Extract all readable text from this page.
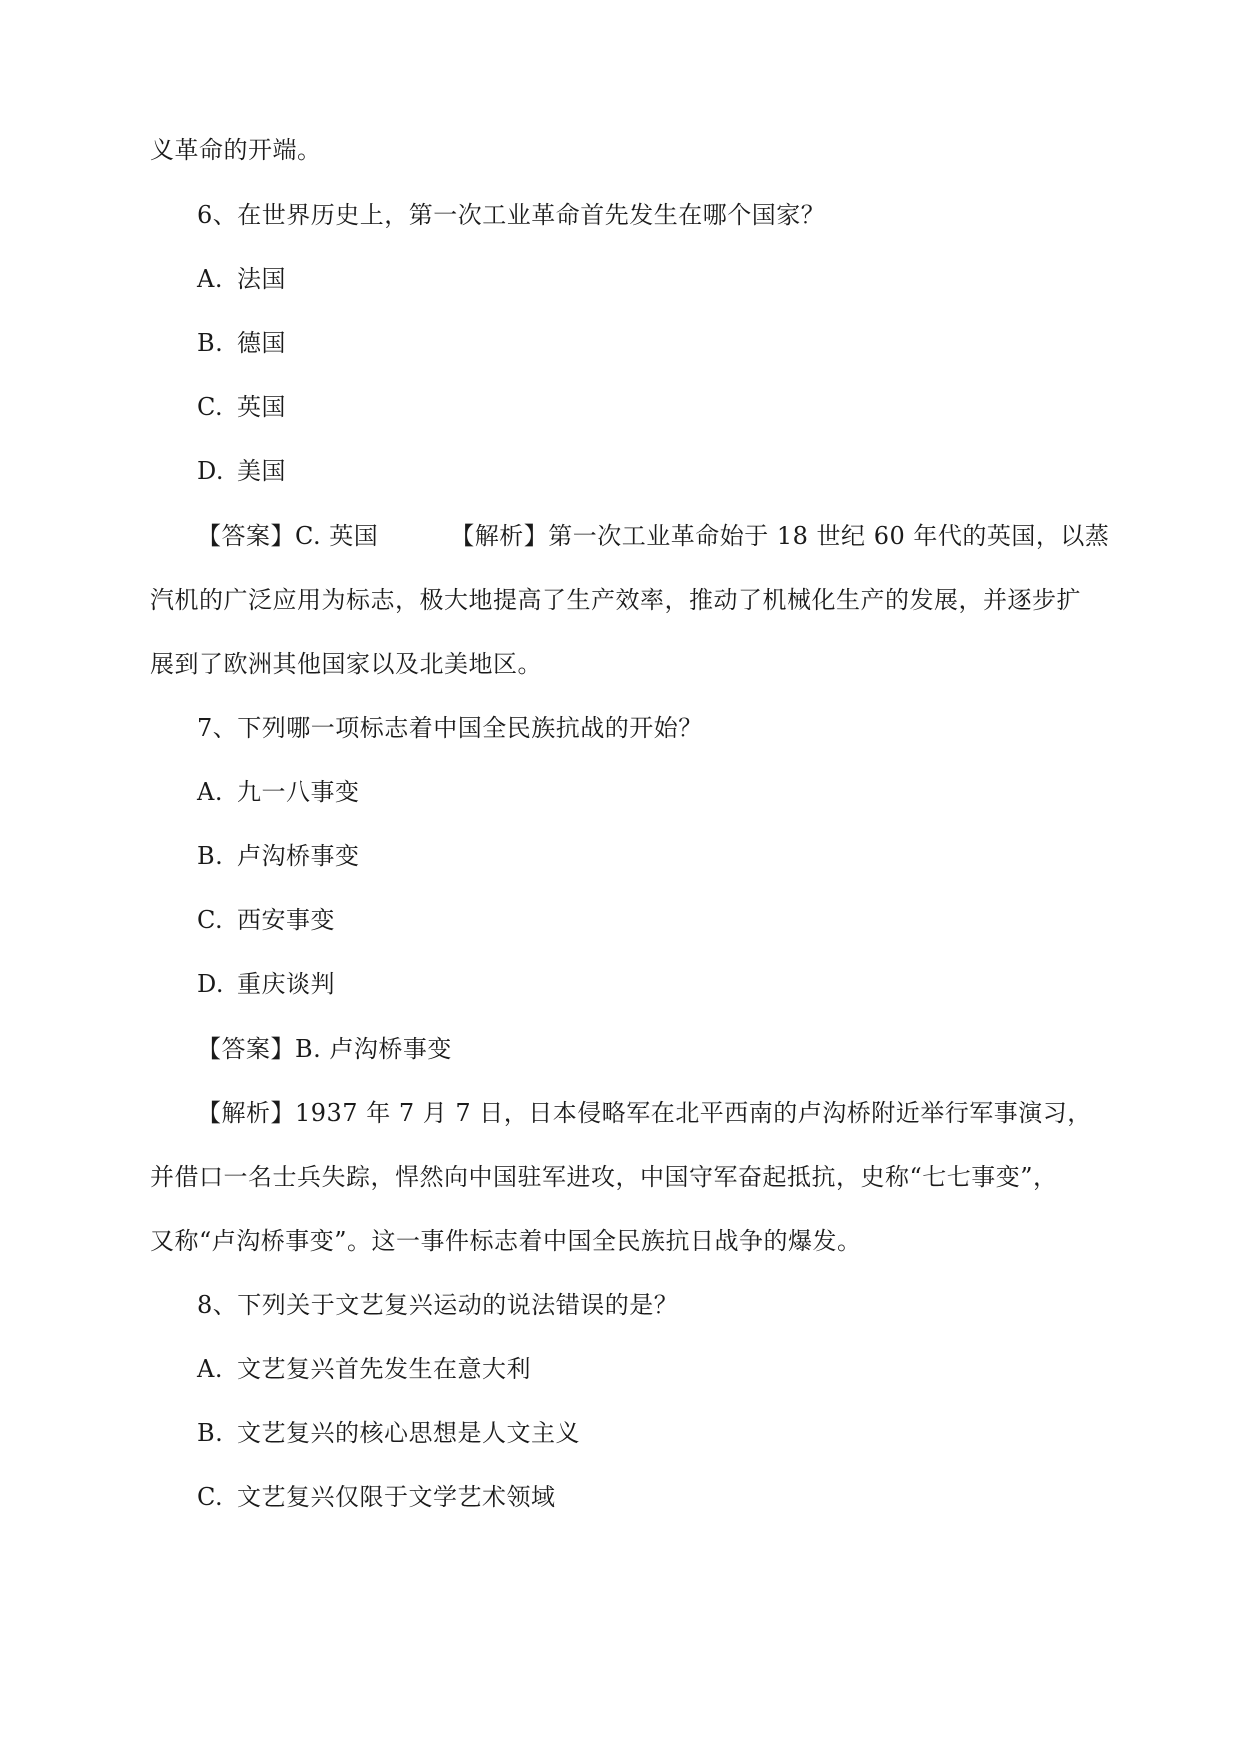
义革命的开端。
6、在世界历史上，第一次工业革命首先发生在哪个国家？
A. 法国
B. 德国
C. 英国
D. 美国
【答案】C. 英国	【解析】第一次工业革命始于 18 世纪 60 年代的英国，以蒸
汽机的广泛应用为标志，极大地提高了生产效率，推动了机械化生产的发展，并逐步扩
展到了欧洲其他国家以及北美地区。
7、下列哪一项标志着中国全民族抗战的开始？
A. 九一八事变
B. 卢沟桥事变
C. 西安事变
D. 重庆谈判
【答案】B. 卢沟桥事变
【解析】1937 年 7 月 7 日，日本侵略军在北平西南的卢沟桥附近举行军事演习，
并借口一名士兵失踪，悍然向中国驻军进攻，中国守军奋起抵抗，史称“七七事变”，
又称“卢沟桥事变”。这一事件标志着中国全民族抗日战争的爆发。
8、下列关于文艺复兴运动的说法错误的是？
A. 文艺复兴首先发生在意大利
B. 文艺复兴的核心思想是人文主义
C. 文艺复兴仅限于文学艺术领域
